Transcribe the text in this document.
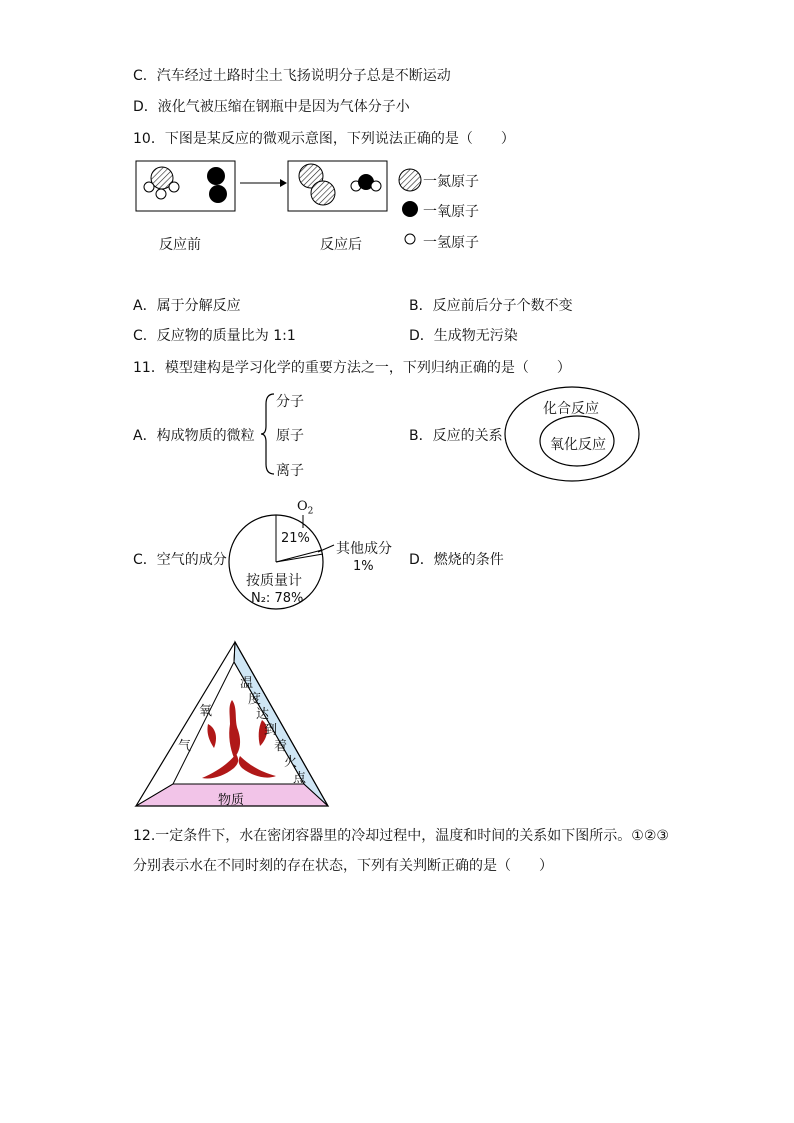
C．汽车经过土路时尘土飞扬说明分子总是不断运动
D．液化气被压缩在钢瓶中是因为气体分子小
10．下图是某反应的微观示意图，下列说法正确的是（　　）
一氮原子
一氧原子
一氢原子
反应前	反应后
A．属于分解反应	B．反应前后分子个数不变
C．反应物的质量比为 1:1	D．生成物无污染
11．模型建构是学习化学的重要方法之一，下列归纳正确的是（　　）
A．构成物质的微粒
分子
原子
离子
B．反应的关系
化合反应
氧化反应
C．空气的成分
$O_2$
21%
其他成分
1%
按质量计
N₂: 78%
D．燃烧的条件
氧
气
温
度
达
到
着
火
点
物质
12.一定条件下，水在密闭容器里的冷却过程中，温度和时间的关系如下图所示。①②③
分别表示水在不同时刻的存在状态，下列有关判断正确的是（　　）
